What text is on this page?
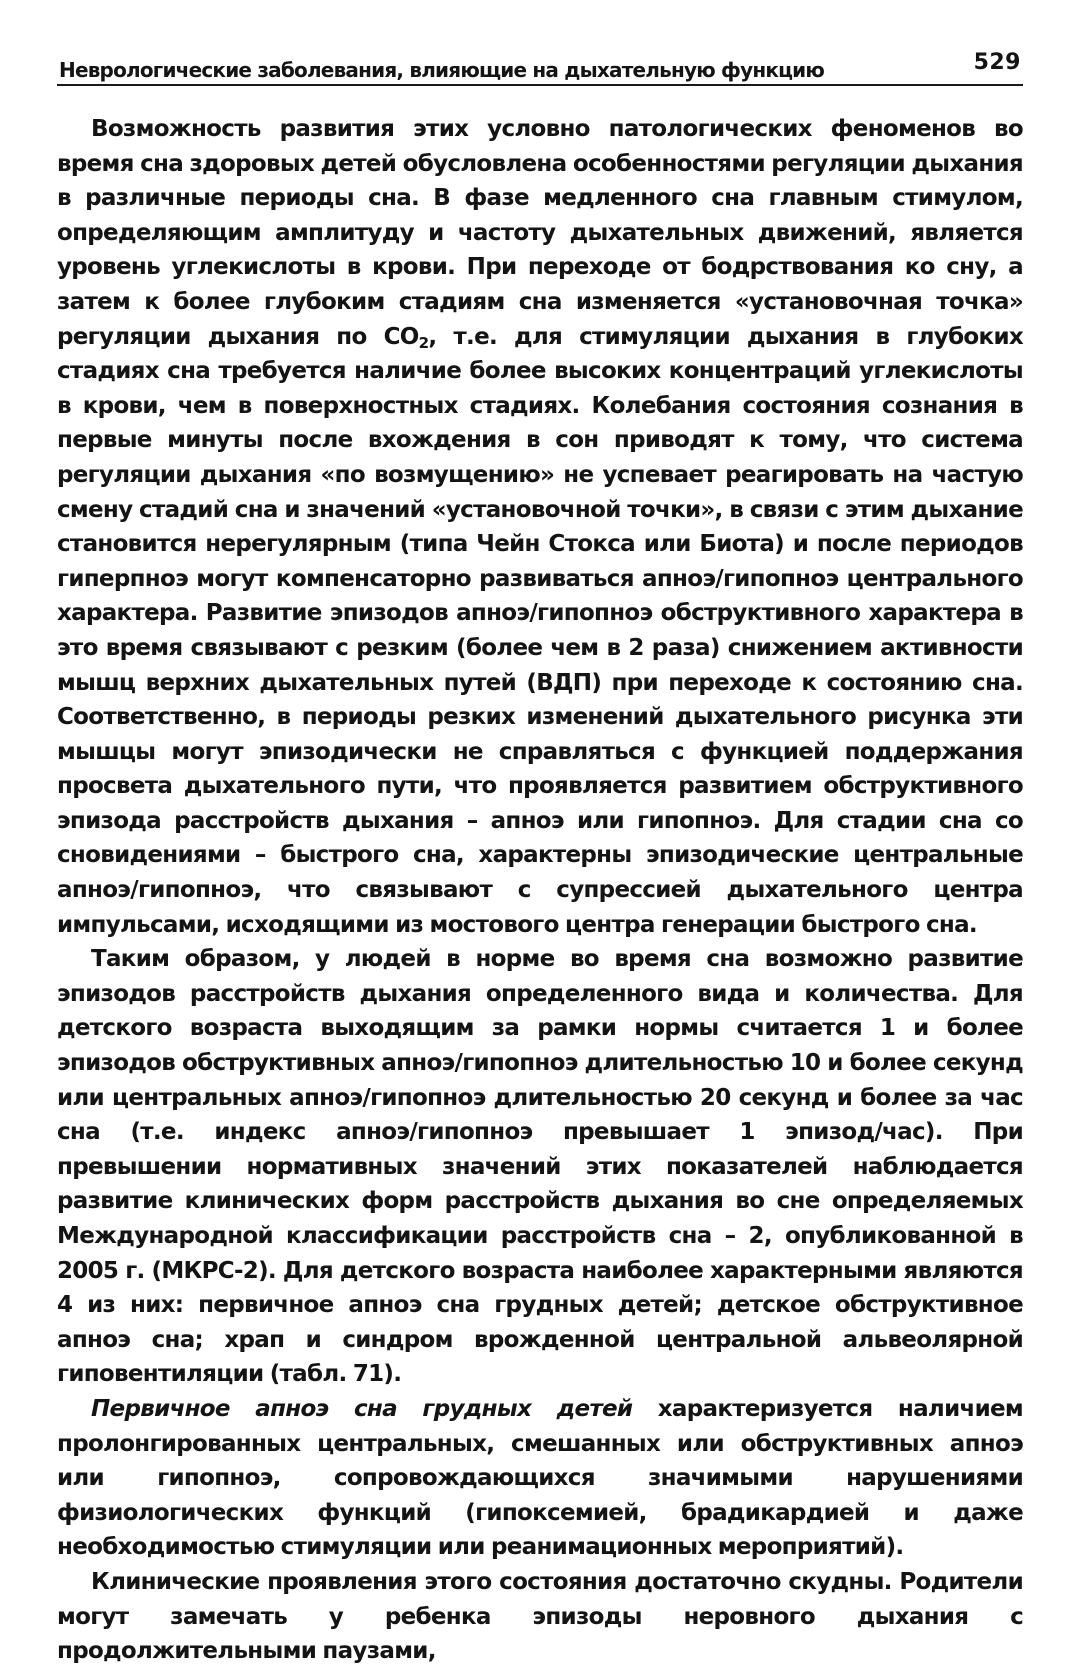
Неврологические заболевания, влияющие на дыхательную функцию	529

Возможность развития этих условно патологических феноменов во время сна здоровых детей обусловлена особенностями регуляции дыхания в различные периоды сна. В фазе медленного сна главным стимулом, определяющим амплитуду и частоту дыхательных движений, является уровень углекислоты в крови. При переходе от бодрствования ко сну, а затем к более глубоким стадиям сна изменяется «установочная точка» регуляции дыхания по $CO_2$, т.е. для стимуляции дыхания в глубоких стадиях сна требуется наличие более высоких концентраций углекислоты в крови, чем в поверхностных стадиях. Колебания состояния сознания в первые минуты после вхождения в сон приводят к тому, что система регуляции дыхания «по возмущению» не успевает реагировать на частую смену стадий сна и значений «установочной точки», в связи с этим дыхание становится нерегулярным (типа Чейн Стокса или Биота) и после периодов гиперпноэ могут компенсаторно развиваться апноэ/гипопноэ центрального характера. Развитие эпизодов апноэ/гипопноэ обструктивного характера в это время связывают с резким (более чем в 2 раза) снижением активности мышц верхних дыхательных путей (ВДП) при переходе к состоянию сна. Соответственно, в периоды резких изменений дыхательного рисунка эти мышцы могут эпизодически не справляться с функцией поддержания просвета дыхательного пути, что проявляется развитием обструктивного эпизода расстройств дыхания – апноэ или гипопноэ. Для стадии сна со сновидениями – быстрого сна, характерны эпизодические центральные апноэ/гипопноэ, что связывают с супрессией дыхательного центра импульсами, исходящими из мостового центра генерации быстрого сна.

Таким образом, у людей в норме во время сна возможно развитие эпизодов расстройств дыхания определенного вида и количества. Для детского возраста выходящим за рамки нормы считается 1 и более эпизодов обструктивных апноэ/гипопноэ длительностью 10 и более секунд или центральных апноэ/гипопноэ длительностью 20 секунд и более за час сна (т.е. индекс апноэ/гипопноэ превышает 1 эпизод/час). При превышении нормативных значений этих показателей наблюдается развитие клинических форм расстройств дыхания во сне определяемых Международной классификации расстройств сна – 2, опубликованной в 2005 г. (МКРС-2). Для детского возраста наиболее характерными являются 4 из них: первичное апноэ сна грудных детей; детское обструктивное апноэ сна; храп и синдром врожденной центральной альвеолярной гиповентиляции (табл. 71).

Первичное апноэ сна грудных детей характеризуется наличием пролонгированных центральных, смешанных или обструктивных апноэ или гипопноэ, сопровождающихся значимыми нарушениями физиологических функций (гипоксемией, брадикардией и даже необходимостью стимуляции или реанимационных мероприятий).

Клинические проявления этого состояния достаточно скудны. Родители могут замечать у ребенка эпизоды неровного дыхания с продолжительными паузами,
